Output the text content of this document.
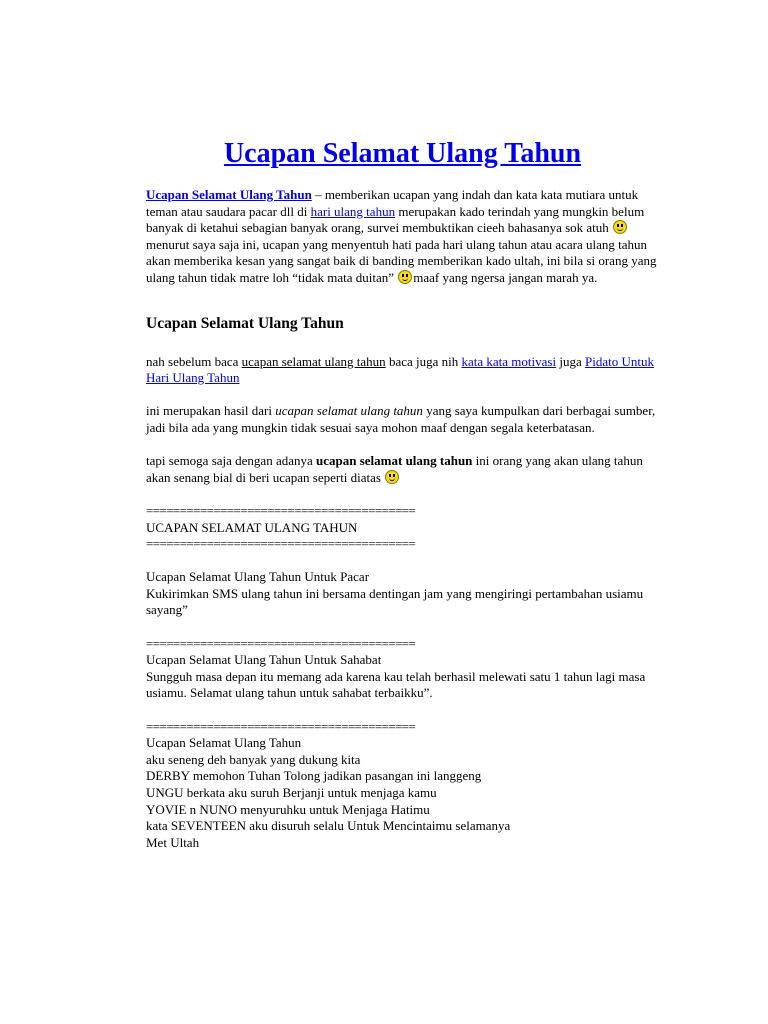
Ucapan Selamat Ulang Tahun

Ucapan Selamat Ulang Tahun – memberikan ucapan yang indah dan kata kata mutiara untuk teman atau saudara pacar dll di hari ulang tahun merupakan kado terindah yang mungkin belum banyak di ketahui sebagian banyak orang, survei membuktikan cieeh bahasanya sok atuh menurut saya saja ini, ucapan yang menyentuh hati pada hari ulang tahun atau acara ulang tahun akan memberika kesan yang sangat baik di banding memberikan kado ultah, ini bila si orang yang ulang tahun tidak matre loh “tidak mata duitan” maaf yang ngersa jangan marah ya.

Ucapan Selamat Ulang Tahun

nah sebelum baca ucapan selamat ulang tahun baca juga nih kata kata motivasi juga Pidato Untuk Hari Ulang Tahun

ini merupakan hasil dari ucapan selamat ulang tahun yang saya kumpulkan dari berbagai sumber, jadi bila ada yang mungkin tidak sesuai saya mohon maaf dengan segala keterbatasan.

tapi semoga saja dengan adanya ucapan selamat ulang tahun ini orang yang akan ulang tahun akan senang bial di beri ucapan seperti diatas

========================================

UCAPAN SELAMAT ULANG TAHUN

========================================

Ucapan Selamat Ulang Tahun Untuk Pacar

Kukirimkan SMS ulang tahun ini bersama dentingan jam yang mengiringi pertambahan usiamu sayang”

========================================

Ucapan Selamat Ulang Tahun Untuk Sahabat

Sungguh masa depan itu memang ada karena kau telah berhasil melewati satu 1 tahun lagi masa usiamu. Selamat ulang tahun untuk sahabat terbaikku”.

========================================

Ucapan Selamat Ulang Tahun

aku seneng deh banyak yang dukung kita

DERBY memohon Tuhan Tolong jadikan pasangan ini langgeng

UNGU berkata aku suruh Berjanji untuk menjaga kamu

YOVIE n NUNO menyuruhku untuk Menjaga Hatimu

kata SEVENTEEN aku disuruh selalu Untuk Mencintaimu selamanya

Met Ultah
